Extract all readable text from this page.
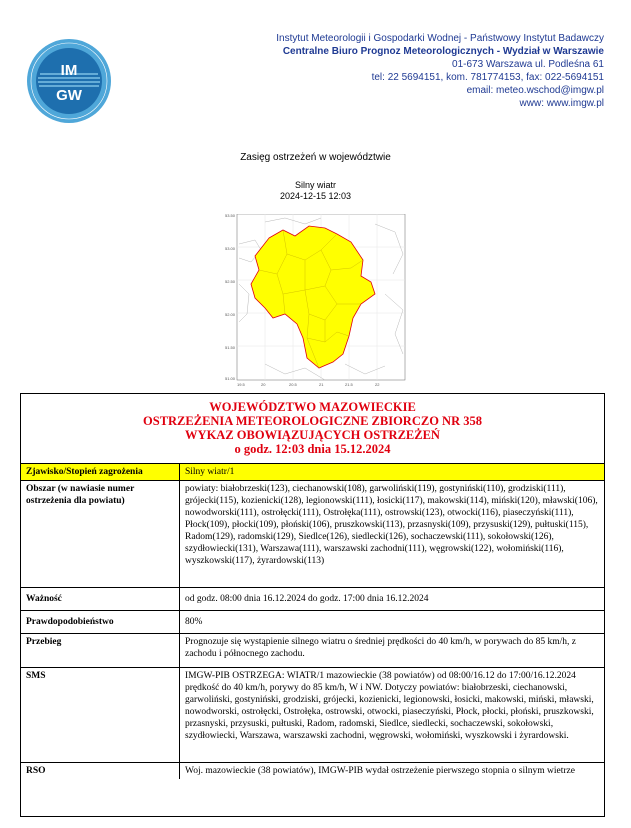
IM
GW
Instytut Meteorologii i Gospodarki Wodnej - Państwowy Instytut Badawczy
Centralne Biuro Prognoz Meteorologicznych - Wydział w Warszawie
01-673 Warszawa ul. Podleśna 61
tel: 22 5694151, kom. 781774153, fax: 022-5694151
email: meteo.wschod@imgw.pl
www: www.imgw.pl
Zasięg ostrzeżeń w województwie
Silny wiatr
2024-12-15 12:03
53.50
53.00
52.50
52.00
51.50
51.00
19.5	20	20.5	21	21.5	22
WOJEWÓDZTWO MAZOWIECKIE
OSTRZEŻENIA METEOROLOGICZNE ZBIORCZO NR 358
WYKAZ OBOWIĄZUJĄCYCH OSTRZEŻEŃ
o godz. 12:03 dnia 15.12.2024
Zjawisko/Stopień zagrożenia	Silny wiatr/1
Obszar (w nawiasie numer ostrzeżenia dla powiatu)	powiaty: białobrzeski(123), ciechanowski(108), garwoliński(119), gostyniński(110), grodziski(111), grójecki(115), kozienicki(128), legionowski(111), łosicki(117), makowski(114), miński(120), mławski(106), nowodworski(111), ostrołęcki(111), Ostrołęka(111), ostrowski(123), otwocki(116), piaseczyński(111), Płock(109), płocki(109), płoński(106), pruszkowski(113), przasnyski(109), przysuski(129), pułtuski(115), Radom(129), radomski(129), Siedlce(126), siedlecki(126), sochaczewski(111), sokołowski(126), szydłowiecki(131), Warszawa(111), warszawski zachodni(111), węgrowski(122), wołomiński(116), wyszkowski(117), żyrardowski(113)
Ważność	od godz. 08:00 dnia 16.12.2024 do godz. 17:00 dnia 16.12.2024
Prawdopodobieństwo	80%
Przebieg	Prognozuje się wystąpienie silnego wiatru o średniej prędkości do 40 km/h, w porywach do 85 km/h, z zachodu i północnego zachodu.
SMS	IMGW-PIB OSTRZEGA: WIATR/1 mazowieckie (38 powiatów) od 08:00/16.12 do 17:00/16.12.2024 prędkość do 40 km/h, porywy do 85 km/h, W i NW. Dotyczy powiatów: białobrzeski, ciechanowski, garwoliński, gostyniński, grodziski, grójecki, kozienicki, legionowski, łosicki, makowski, miński, mławski, nowodworski, ostrołęcki, Ostrołęka, ostrowski, otwocki, piaseczyński, Płock, płocki, płoński, pruszkowski, przasnyski, przysuski, pułtuski, Radom, radomski, Siedlce, siedlecki, sochaczewski, sokołowski, szydłowiecki, Warszawa, warszawski zachodni, węgrowski, wołomiński, wyszkowski i żyrardowski.
RSO	Woj. mazowieckie (38 powiatów), IMGW-PIB wydał ostrzeżenie pierwszego stopnia o silnym wietrze
